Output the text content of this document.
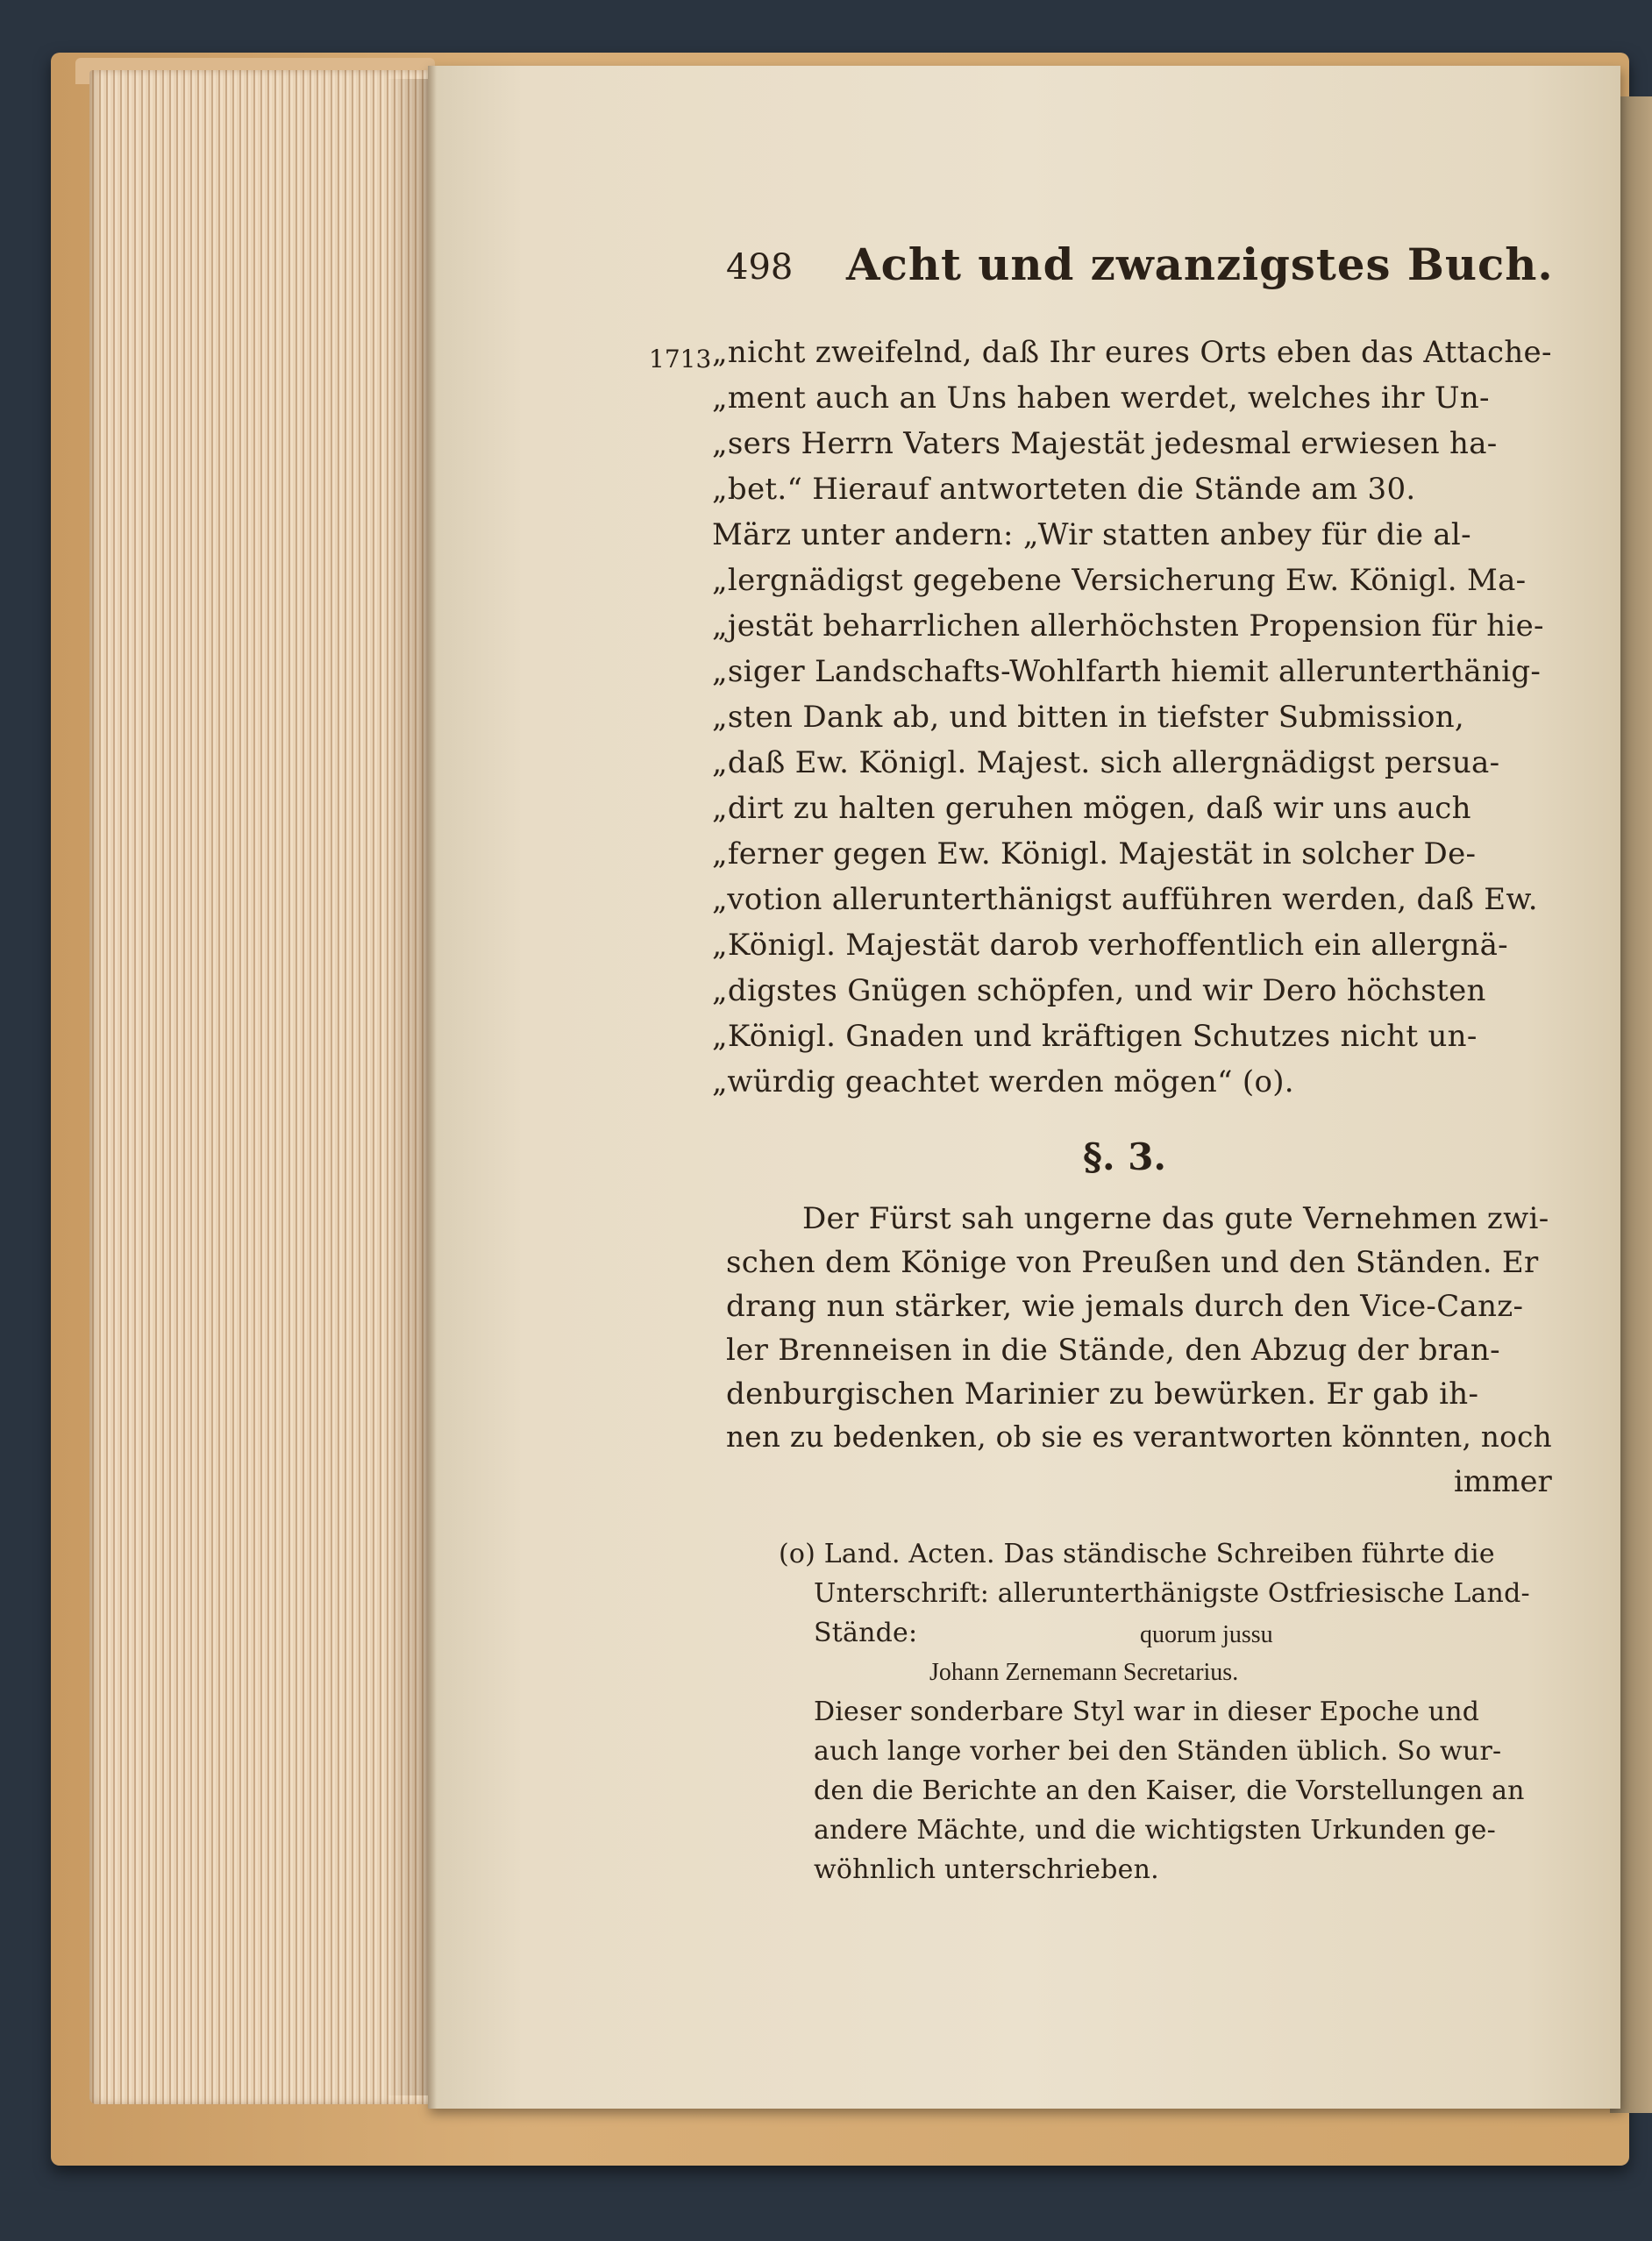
498 Acht und zwanzigstes Buch.
1713 „nicht zweifelnd, daß Ihr eures Orts eben das Attache-
„ment auch an Uns haben werdet, welches ihr Un-
„sers Herrn Vaters Majestät jedesmal erwiesen ha-
„bet.“ Hierauf antworteten die Stände am 30.
März unter andern: „Wir statten anbey für die al-
„lergnädigst gegebene Versicherung Ew. Königl. Ma-
„jestät beharrlichen allerhöchsten Propension für hie-
„siger Landschafts-Wohlfarth hiemit allerunterthänig-
„sten Dank ab, und bitten in tiefster Submission,
„daß Ew. Königl. Majest. sich allergnädigst persua-
„dirt zu halten geruhen mögen, daß wir uns auch
„ferner gegen Ew. Königl. Majestät in solcher De-
„votion allerunterthänigst aufführen werden, daß Ew.
„Königl. Majestät darob verhoffentlich ein allergnä-
„digstes Gnügen schöpfen, und wir Dero höchsten
„Königl. Gnaden und kräftigen Schutzes nicht un-
„würdig geachtet werden mögen“ (o).
§. 3.
Der Fürst sah ungerne das gute Vernehmen zwi-
schen dem Könige von Preußen und den Ständen. Er
drang nun stärker, wie jemals durch den Vice-Canz-
ler Brenneisen in die Stände, den Abzug der bran-
denburgischen Marinier zu bewürken. Er gab ih-
nen zu bedenken, ob sie es verantworten könnten, noch
immer
(o) Land. Acten. Das ständische Schreiben führte die
Unterschrift: allerunterthänigste Ostfriesische Land-
Stände:	quorum jussu
Johann Zernemann Secretarius.
Dieser sonderbare Styl war in dieser Epoche und
auch lange vorher bei den Ständen üblich. So wur-
den die Berichte an den Kaiser, die Vorstellungen an
andere Mächte, und die wichtigsten Urkunden ge-
wöhnlich unterschrieben.
